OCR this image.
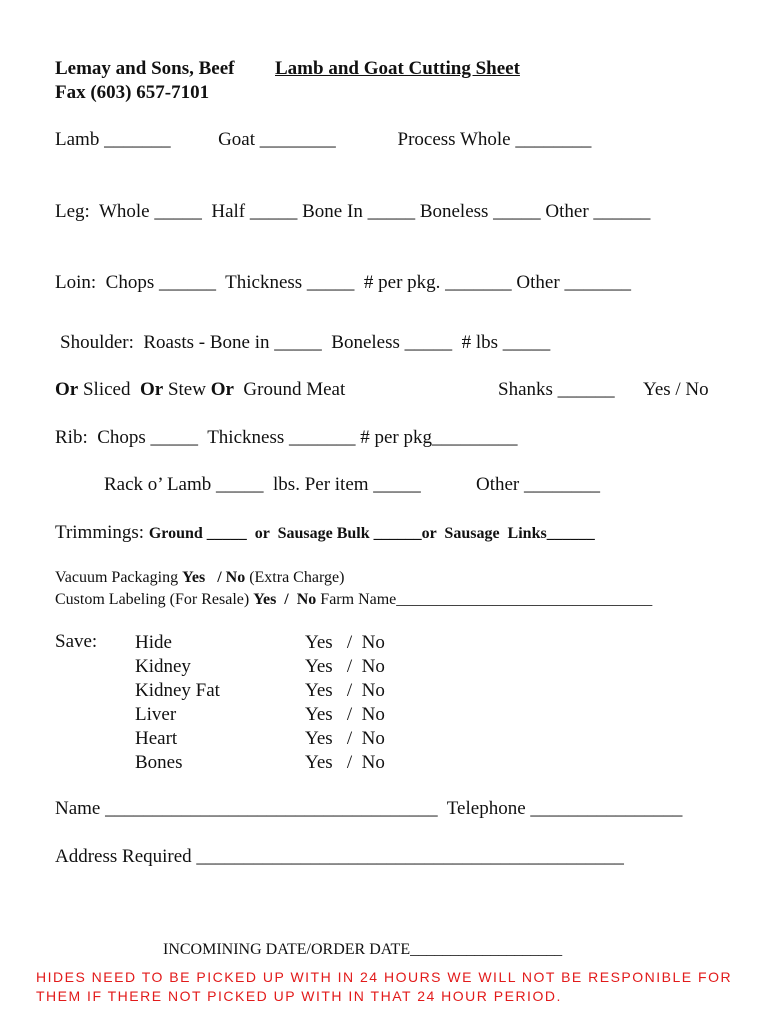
Lemay and Sons, Beef Lamb and Goat Cutting Sheet
Fax (603) 657-7101
Lamb _______          Goat ________             Process Whole ________
Leg:  Whole _____  Half _____ Bone In _____ Boneless _____ Other ______
Loin:  Chops ______  Thickness _____  # per pkg. _______ Other _______
Shoulder:  Roasts - Bone in _____  Boneless _____  # lbs _____
Or Sliced  Or Stew Or  Ground Meat	Shanks ______ Yes / No
Rib:  Chops _____  Thickness _______ # per pkg_________
Rack o’ Lamb _____  lbs. Per item _____	Other ________
Trimmings: Ground _____  or  Sausage Bulk ______or  Sausage  Links______
Vacuum Packaging Yes   / No (Extra Charge)
Custom Labeling (For Resale) Yes  /  No Farm Name________________________________
Save: Hide
Kidney
Kidney Fat
Liver
Heart
Bones
Yes   /  No
Yes   /  No
Yes   /  No
Yes   /  No
Yes   /  No
Yes   /  No
Name ___________________________________  Telephone ________________
Address Required _____________________________________________
INCOMINING DATE/ORDER DATE___________________
HIDES NEED TO BE PICKED UP WITH IN 24 HOURS WE WILL NOT BE RESPONIBLE FOR
THEM IF THERE NOT PICKED UP WITH IN THAT 24 HOUR PERIOD.
